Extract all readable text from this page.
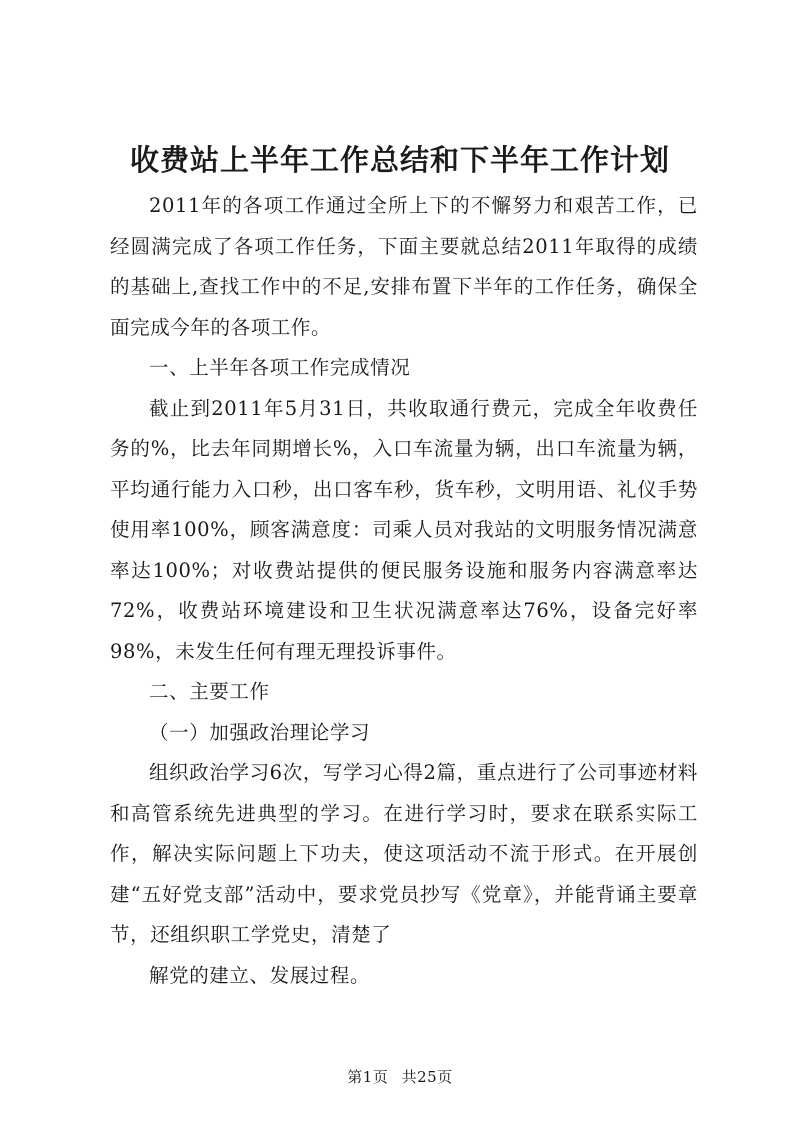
收费站上半年工作总结和下半年工作计划

2011年的各项工作通过全所上下的不懈努力和艰苦工作，已经圆满完成了各项工作任务，下面主要就总结2011年取得的成绩的基础上,查找工作中的不足,安排布置下半年的工作任务，确保全面完成今年的各项工作。

一、上半年各项工作完成情况

截止到2011年5月31日，共收取通行费元，完成全年收费任务的%，比去年同期增长%，入口车流量为辆，出口车流量为辆，平均通行能力入口秒，出口客车秒，货车秒，文明用语、礼仪手势使用率100%，顾客满意度：司乘人员对我站的文明服务情况满意率达100%；对收费站提供的便民服务设施和服务内容满意率达72%，收费站环境建设和卫生状况满意率达76%，设备完好率98%，未发生任何有理无理投诉事件。

二、主要工作

（一）加强政治理论学习

组织政治学习6次，写学习心得2篇，重点进行了公司事迹材料和高管系统先进典型的学习。在进行学习时，要求在联系实际工作，解决实际问题上下功夫，使这项活动不流于形式。在开展创建“五好党支部”活动中，要求党员抄写《党章》，并能背诵主要章节，还组织职工学党史，清楚了

解党的建立、发展过程。

第1页 共25页
